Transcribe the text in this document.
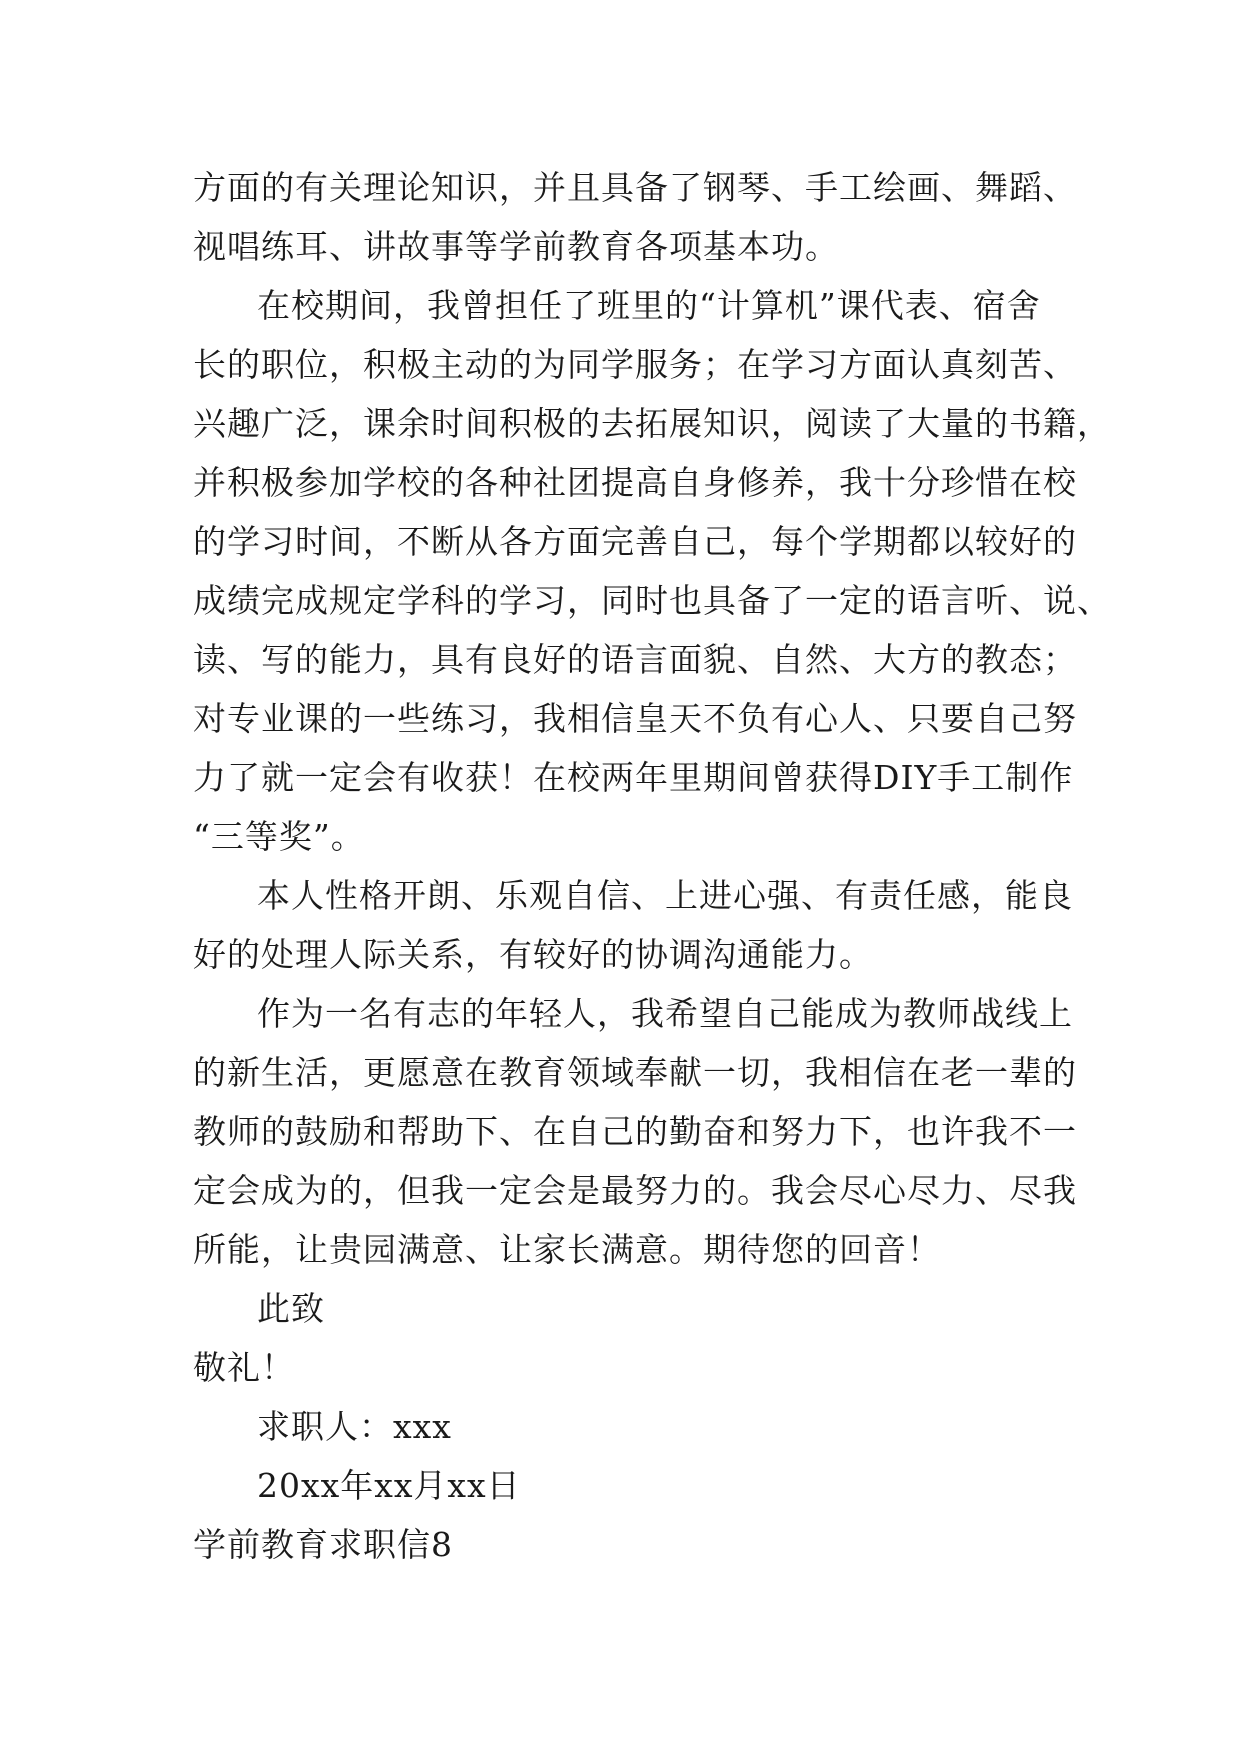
方面的有关理论知识，并且具备了钢琴、手工绘画、舞蹈、
视唱练耳、讲故事等学前教育各项基本功。
在校期间，我曾担任了班里的“计算机”课代表、宿舍
长的职位，积极主动的为同学服务；在学习方面认真刻苦、
兴趣广泛，课余时间积极的去拓展知识，阅读了大量的书籍，
并积极参加学校的各种社团提高自身修养，我十分珍惜在校
的学习时间，不断从各方面完善自己，每个学期都以较好的
成绩完成规定学科的学习，同时也具备了一定的语言听、说、
读、写的能力，具有良好的语言面貌、自然、大方的教态；
对专业课的一些练习，我相信皇天不负有心人、只要自己努
力了就一定会有收获！在校两年里期间曾获得DIY手工制作
“三等奖”。
本人性格开朗、乐观自信、上进心强、有责任感，能良
好的处理人际关系，有较好的协调沟通能力。
作为一名有志的年轻人，我希望自己能成为教师战线上
的新生活，更愿意在教育领域奉献一切，我相信在老一辈的
教师的鼓励和帮助下、在自己的勤奋和努力下，也许我不一
定会成为的，但我一定会是最努力的。我会尽心尽力、尽我
所能，让贵园满意、让家长满意。期待您的回音！
此致
敬礼！
求职人：xxx
20xx年xx月xx日
学前教育求职信8
